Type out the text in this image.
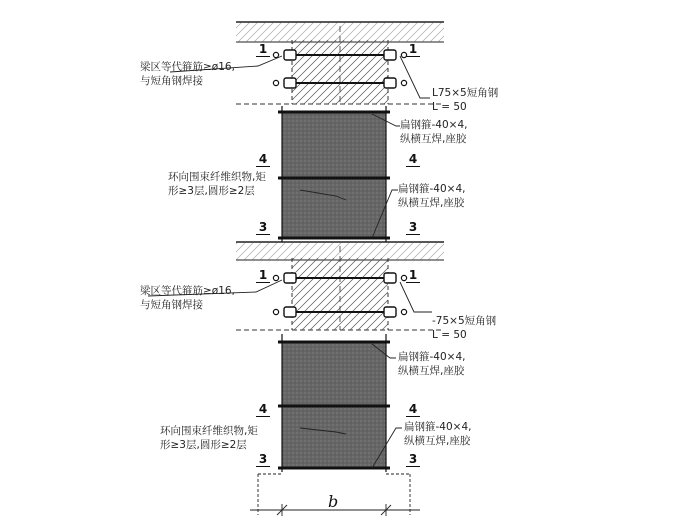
梁区等代箍筋≥ø16,
与短角钢焊接
L75×5短角钢
L = 50
扁钢箍-40×4,
纵横互焊,座胶
环向围束纤维织物,矩
形≥3层,圆形≥2层	扁钢箍-40×4,
纵横互焊,座胶
1	1
4	4
3	3
梁区等代箍筋≥ø16,
与短角钢焊接
-75×5短角钢
L = 50
扁钢箍-40×4,
纵横互焊,座胶
环向围束纤维织物,矩
形≥3层,圆形≥2层
扁钢箍-40×4,
纵横互焊,座胶
1	1
4	4
3	3
b
